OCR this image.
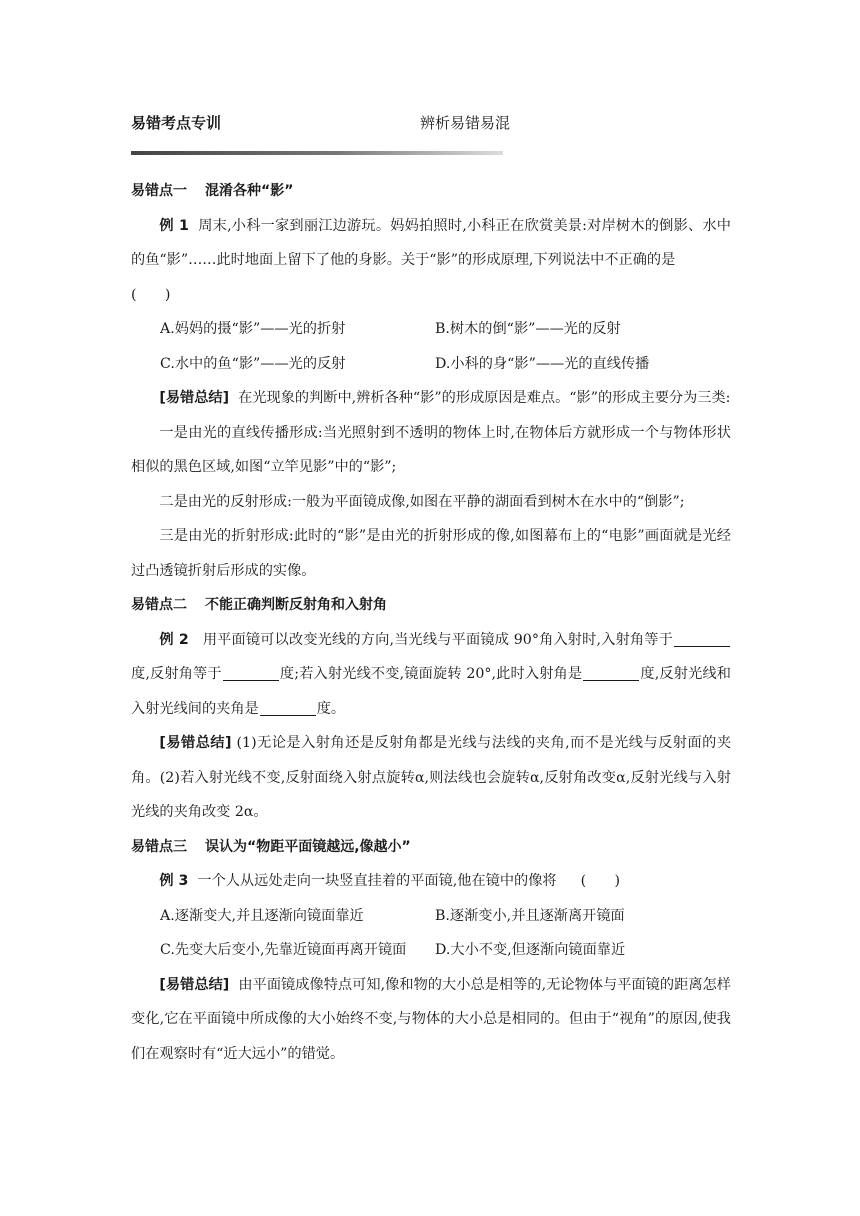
易错考点专训	辨析易错易混

易错点一 混淆各种“影”

例 1 周末,小科一家到丽江边游玩。妈妈拍照时,小科正在欣赏美景:对岸树木的倒影、水中的鱼“影”……此时地面上留下了他的身影。关于“影”的形成原理,下列说法中不正确的是

(　　)

A.妈妈的摄“影”——光的折射	B.树木的倒“影”——光的反射
C.水中的鱼“影”——光的反射	D.小科的身“影”——光的直线传播

[易错总结] 在光现象的判断中,辨析各种“影”的形成原因是难点。“影”的形成主要分为三类:

一是由光的直线传播形成:当光照射到不透明的物体上时,在物体后方就形成一个与物体形状相似的黑色区域,如图“立竿见影”中的“影”;

二是由光的反射形成:一般为平面镜成像,如图在平静的湖面看到树木在水中的“倒影”;

三是由光的折射形成:此时的“影”是由光的折射形成的像,如图幕布上的“电影”画面就是光经过凸透镜折射后形成的实像。

易错点二 不能正确判断反射角和入射角

例 2 用平面镜可以改变光线的方向,当光线与平面镜成 90°角入射时,入射角等于度,反射角等于	度;若入射光线不变,镜面旋转 20°,此时入射角是	度,反射光线和入射光线间的夹角是	度。

[易错总结] (1)无论是入射角还是反射角都是光线与法线的夹角,而不是光线与反射面的夹角。(2)若入射光线不变,反射面绕入射点旋转α,则法线也会旋转α,反射角改变α,反射光线与入射光线的夹角改变 2α。

易错点三 误认为“物距平面镜越远,像越小”

例 3 一个人从远处走向一块竖直挂着的平面镜,他在镜中的像将 (　　)

A.逐渐变大,并且逐渐向镜面靠近	B.逐渐变小,并且逐渐离开镜面
C.先变大后变小,先靠近镜面再离开镜面	D.大小不变,但逐渐向镜面靠近

[易错总结] 由平面镜成像特点可知,像和物的大小总是相等的,无论物体与平面镜的距离怎样变化,它在平面镜中所成像的大小始终不变,与物体的大小总是相同的。但由于“视角”的原因,使我们在观察时有“近大远小”的错觉。
